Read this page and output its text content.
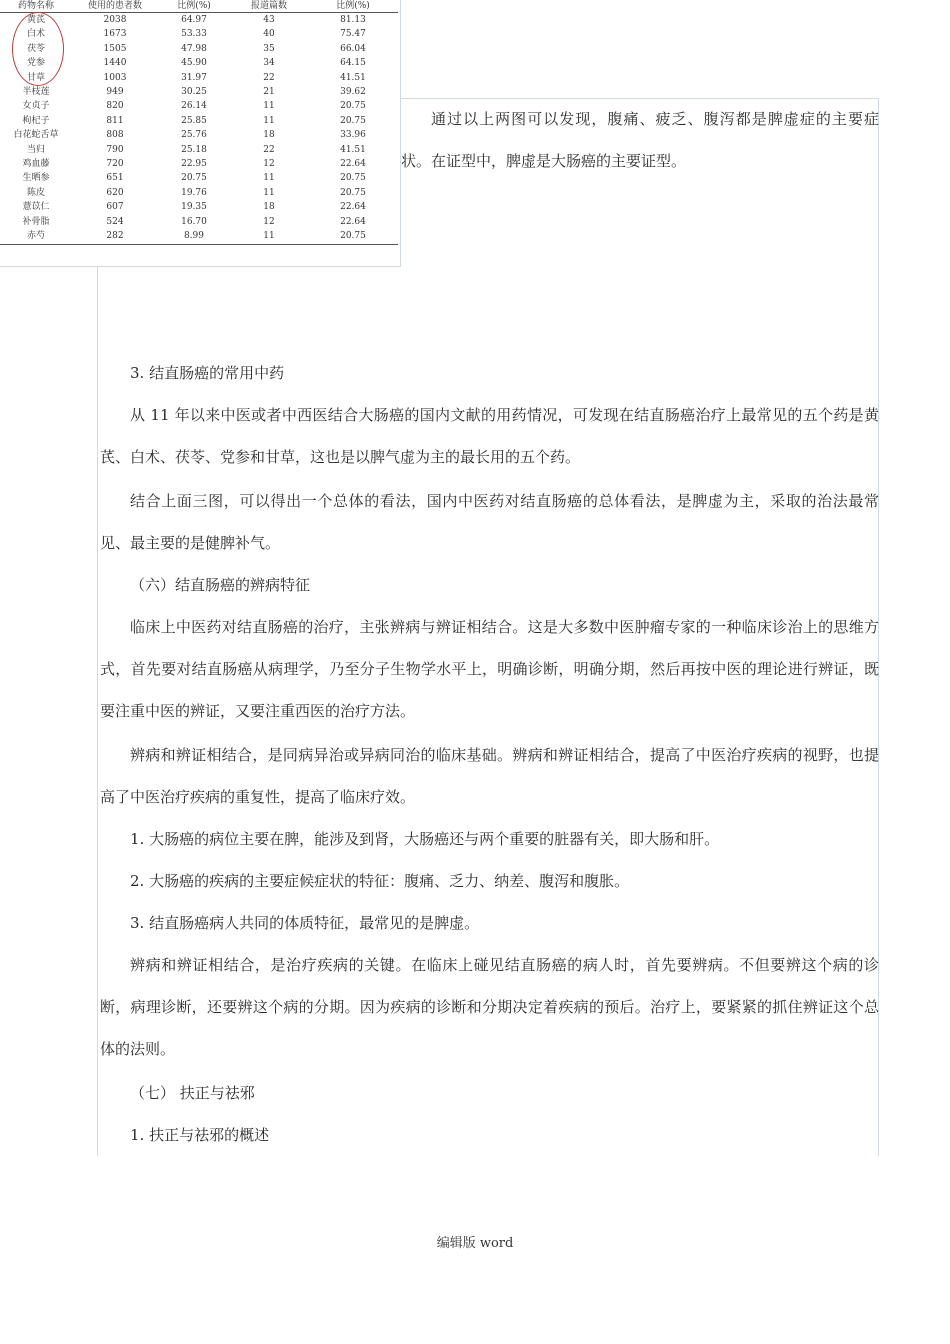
药物名称	使用的患者数	比例(%)	报道篇数	比例(%)
黄芪	2038	64.97	43	81.13
白术	1673	53.33	40	75.47
茯苓	1505	47.98	35	66.04
党参	1440	45.90	34	64.15
甘草	1003	31.97	22	41.51
半枝莲	949	30.25	21	39.62
女贞子	820	26.14	11	20.75
枸杞子	811	25.85	11	20.75
白花蛇舌草	808	25.76	18	33.96
当归	790	25.18	22	41.51
鸡血藤	720	22.95	12	22.64
生晒参	651	20.75	11	20.75
陈皮	620	19.76	11	20.75
薏苡仁	607	19.35	18	22.64
补骨脂	524	16.70	12	22.64
赤芍	282	8.99	11	20.75

通过以上两图可以发现，腹痛、疲乏、腹泻都是脾虚症的主要症状。在证型中，脾虚是大肠癌的主要证型。

3. 结直肠癌的常用中药

从 11 年以来中医或者中西医结合大肠癌的国内文献的用药情况，可发现在结直肠癌治疗上最常见的五个药是黄芪、白术、茯苓、党参和甘草，这也是以脾气虚为主的最长用的五个药。

结合上面三图，可以得出一个总体的看法，国内中医药对结直肠癌的总体看法，是脾虚为主，采取的治法最常见、最主要的是健脾补气。

（六）结直肠癌的辨病特征

临床上中医药对结直肠癌的治疗，主张辨病与辨证相结合。这是大多数中医肿瘤专家的一种临床诊治上的思维方式，首先要对结直肠癌从病理学，乃至分子生物学水平上，明确诊断，明确分期，然后再按中医的理论进行辨证，既要注重中医的辨证，又要注重西医的治疗方法。

辨病和辨证相结合，是同病异治或异病同治的临床基础。辨病和辨证相结合，提高了中医治疗疾病的视野，也提高了中医治疗疾病的重复性，提高了临床疗效。

1. 大肠癌的病位主要在脾，能涉及到肾，大肠癌还与两个重要的脏器有关，即大肠和肝。

2. 大肠癌的疾病的主要症候症状的特征：腹痛、乏力、纳差、腹泻和腹胀。

3. 结直肠癌病人共同的体质特征，最常见的是脾虚。

辨病和辨证相结合，是治疗疾病的关键。在临床上碰见结直肠癌的病人时，首先要辨病。不但要辨这个病的诊断，病理诊断，还要辨这个病的分期。因为疾病的诊断和分期决定着疾病的预后。治疗上，要紧紧的抓住辨证这个总体的法则。

（七） 扶正与祛邪

1. 扶正与祛邪的概述

编辑版 word
